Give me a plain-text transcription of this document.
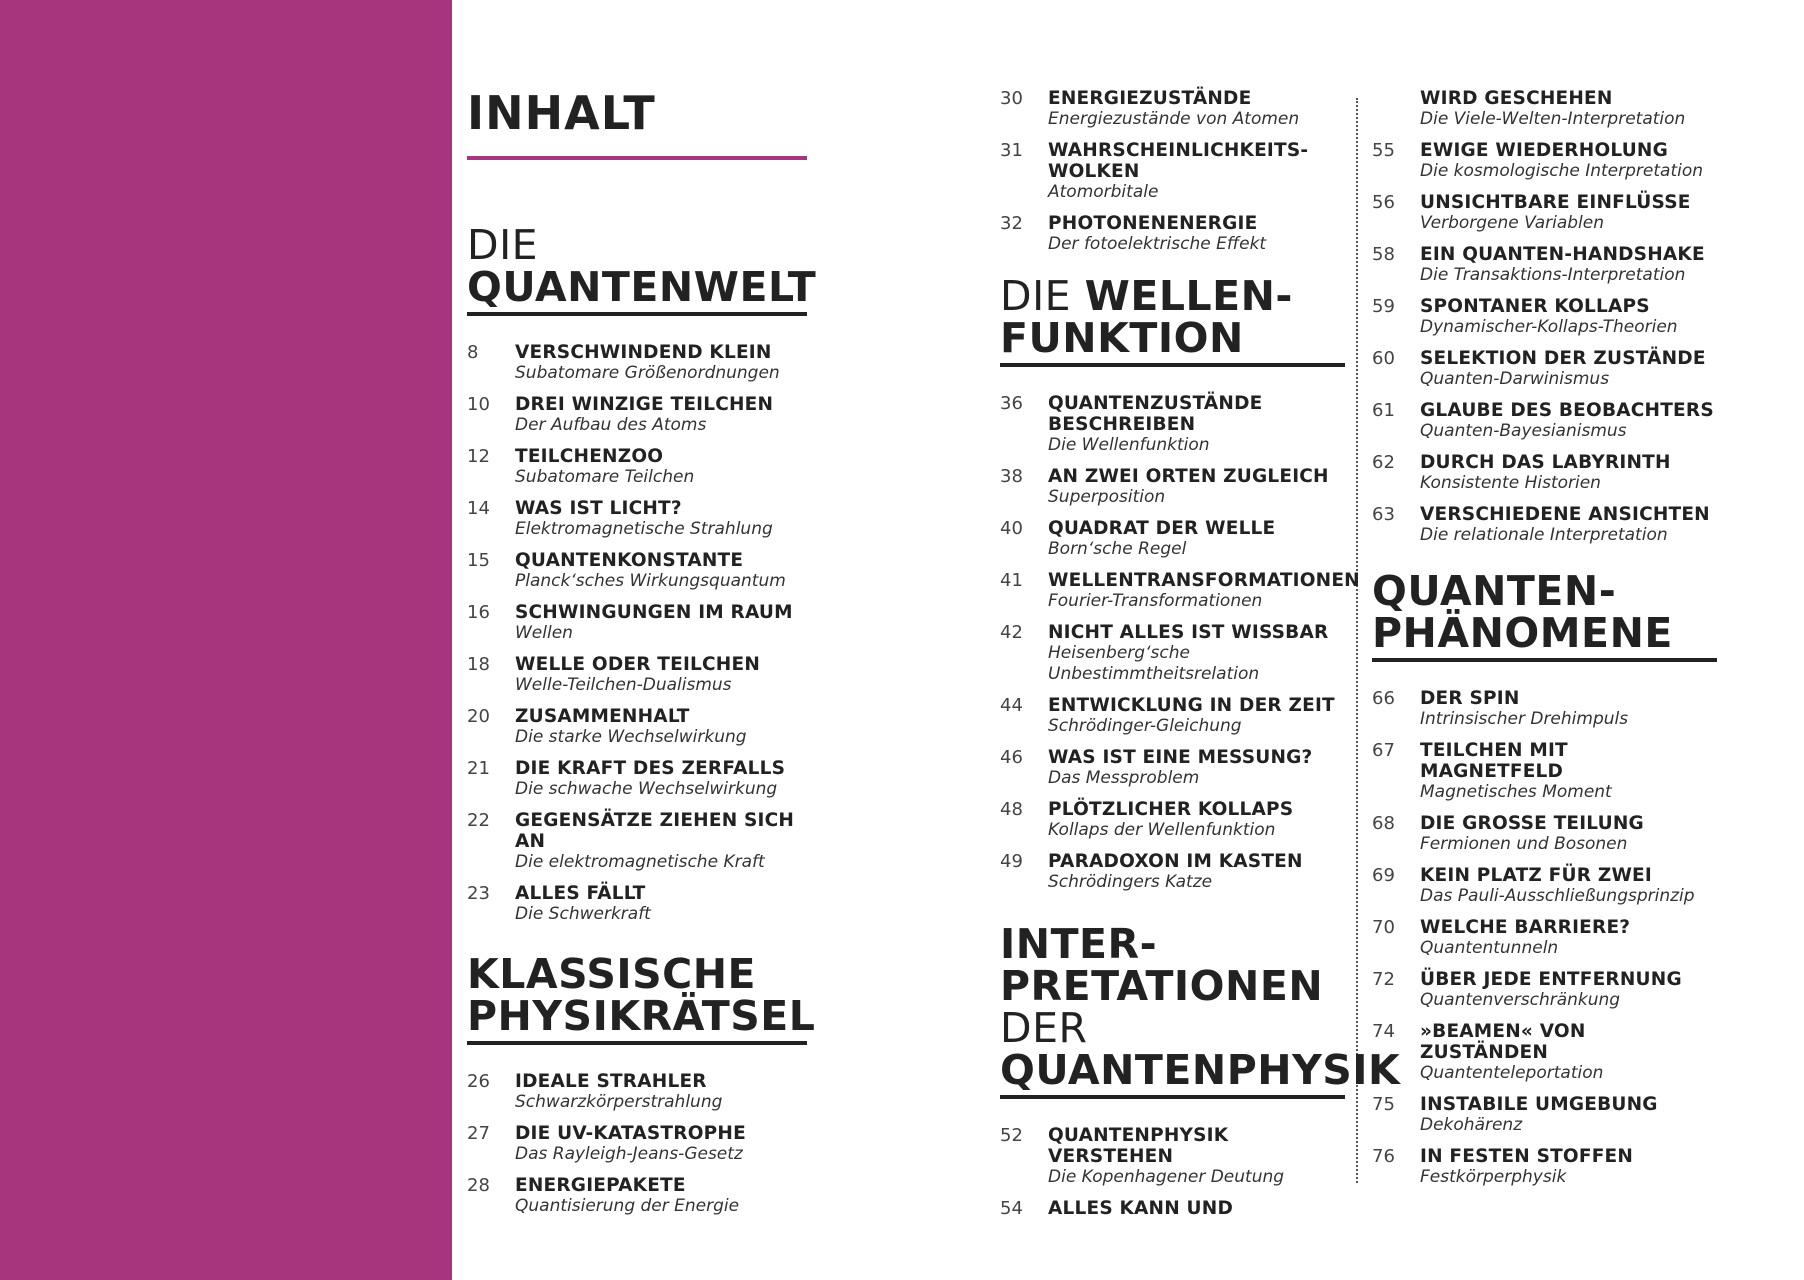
INHALT
DIE
QUANTENWELT
8	VERSCHWINDEND KLEIN
Subatomare Größenordnungen
10	DREI WINZIGE TEILCHEN
Der Aufbau des Atoms
12	TEILCHENZOO
Subatomare Teilchen
14	WAS IST LICHT?
Elektromagnetische Strahlung
15	QUANTENKONSTANTE
Planck‘sches Wirkungsquantum
16	SCHWINGUNGEN IM RAUM
Wellen
18	WELLE ODER TEILCHEN
Welle-Teilchen-Dualismus
20	ZUSAMMENHALT
Die starke Wechselwirkung
21	DIE KRAFT DES ZERFALLS
Die schwache Wechselwirkung
22	GEGENSÄTZE ZIEHEN SICH AN
Die elektromagnetische Kraft
23	ALLES FÄLLT
Die Schwerkraft
KLASSISCHE
PHYSIKRÄTSEL
26	IDEALE STRAHLER
Schwarzkörperstrahlung
27	DIE UV-KATASTROPHE
Das Rayleigh-Jeans-Gesetz
28	ENERGIEPAKETE
Quantisierung der Energie
30	ENERGIEZUSTÄNDE
Energiezustände von Atomen
31	WAHRSCHEINLICHKEITS-WOLKEN
Atomorbitale
32	PHOTONENENERGIE
Der fotoelektrische Effekt
DIE WELLEN-
FUNKTION
36	QUANTENZUSTÄNDE BESCHREIBEN
Die Wellenfunktion
38	AN ZWEI ORTEN ZUGLEICH
Superposition
40	QUADRAT DER WELLE
Born‘sche Regel
41	WELLENTRANSFORMATIONEN
Fourier-Transformationen
42	NICHT ALLES IST WISSBAR
Heisenberg‘sche Unbestimmtheitsrelation
44	ENTWICKLUNG IN DER ZEIT
Schrödinger-Gleichung
46	WAS IST EINE MESSUNG?
Das Messproblem
48	PLÖTZLICHER KOLLAPS
Kollaps der Wellenfunktion
49	PARADOXON IM KASTEN
Schrödingers Katze
INTER-
PRETATIONEN DER
QUANTENPHYSIK
52	QUANTENPHYSIK VERSTEHEN
Die Kopenhagener Deutung
54	ALLES KANN UND
WIRD GESCHEHEN
Die Viele-Welten-Interpretation
55	EWIGE WIEDERHOLUNG
Die kosmologische Interpretation
56	UNSICHTBARE EINFLÜSSE
Verborgene Variablen
58	EIN QUANTEN-HANDSHAKE
Die Transaktions-Interpretation
59	SPONTANER KOLLAPS
Dynamischer-Kollaps-Theorien
60	SELEKTION DER ZUSTÄNDE
Quanten-Darwinismus
61	GLAUBE DES BEOBACHTERS
Quanten-Bayesianismus
62	DURCH DAS LABYRINTH
Konsistente Historien
63	VERSCHIEDENE ANSICHTEN
Die relationale Interpretation
QUANTEN-
PHÄNOMENE
66	DER SPIN
Intrinsischer Drehimpuls
67	TEILCHEN MIT MAGNETFELD
Magnetisches Moment
68	DIE GROSSE TEILUNG
Fermionen und Bosonen
69	KEIN PLATZ FÜR ZWEI
Das Pauli-Ausschließungsprinzip
70	WELCHE BARRIERE?
Quantentunneln
72	ÜBER JEDE ENTFERNUNG
Quantenverschränkung
74	»BEAMEN« VON ZUSTÄNDEN
Quantenteleportation
75	INSTABILE UMGEBUNG
Dekohärenz
76	IN FESTEN STOFFEN
Festkörperphysik
